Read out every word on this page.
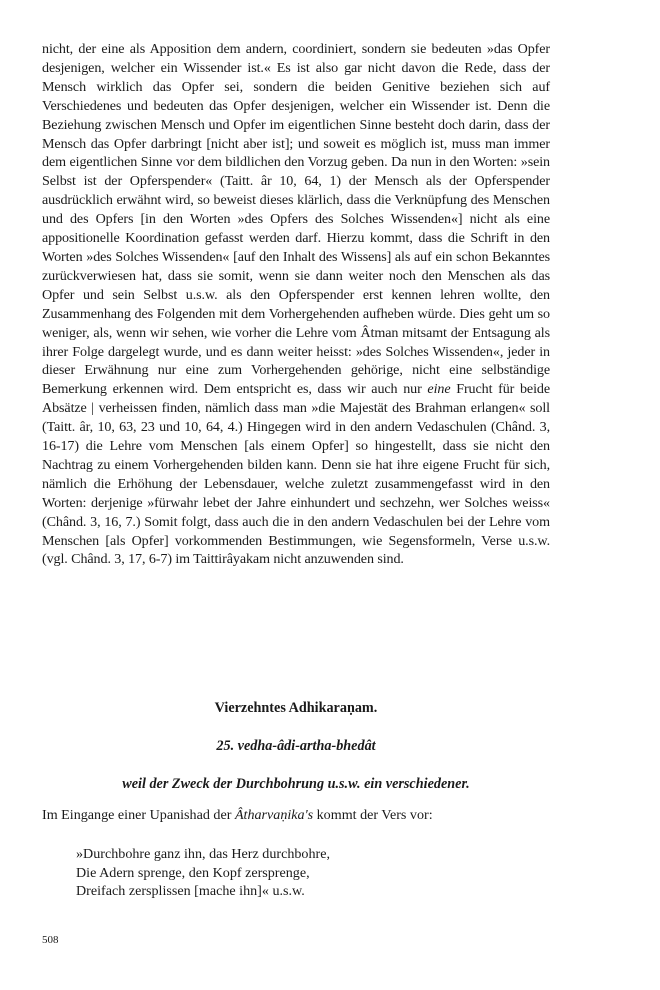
nicht, der eine als Apposition dem andern, coordiniert, sondern sie bedeuten »das Opfer desjenigen, welcher ein Wissender ist.« Es ist also gar nicht davon die Rede, dass der Mensch wirklich das Opfer sei, sondern die beiden Genitive beziehen sich auf Verschiedenes und bedeuten das Opfer desjenigen, welcher ein Wissender ist. Denn die Beziehung zwischen Mensch und Opfer im eigentlichen Sinne besteht doch darin, dass der Mensch das Opfer darbringt [nicht aber ist]; und soweit es möglich ist, muss man immer dem eigentlichen Sinne vor dem bildlichen den Vorzug geben. Da nun in den Worten: »sein Selbst ist der Opferspender« (Taitt. âr 10, 64, 1) der Mensch als der Opferspender ausdrücklich erwähnt wird, so beweist dieses klärlich, dass die Verknüpfung des Menschen und des Opfers [in den Worten »des Opfers des Solches Wissenden«] nicht als eine appositionelle Koordination gefasst werden darf. Hierzu kommt, dass die Schrift in den Worten »des Solches Wissenden« [auf den Inhalt des Wissens] als auf ein schon Bekanntes zurückverwiesen hat, dass sie somit, wenn sie dann weiter noch den Menschen als das Opfer und sein Selbst u.s.w. als den Opferspender erst kennen lehren wollte, den Zusammenhang des Folgenden mit dem Vorhergehenden aufheben würde. Dies geht um so weniger, als, wenn wir sehen, wie vorher die Lehre vom Âtman mitsamt der Entsagung als ihrer Folge dargelegt wurde, und es dann weiter heisst: »des Solches Wissenden«, jeder in dieser Erwähnung nur eine zum Vorhergehenden gehörige, nicht eine selbständige Bemerkung erkennen wird. Dem entspricht es, dass wir auch nur eine Frucht für beide Absätze | verheissen finden, nämlich dass man »die Majestät des Brahman erlangen« soll (Taitt. âr, 10, 63, 23 und 10, 64, 4.) Hingegen wird in den andern Vedaschulen (Chând. 3, 16-17) die Lehre vom Menschen [als einem Opfer] so hingestellt, dass sie nicht den Nachtrag zu einem Vorhergehenden bilden kann. Denn sie hat ihre eigene Frucht für sich, nämlich die Erhöhung der Lebensdauer, welche zuletzt zusammengefasst wird in den Worten: derjenige »fürwahr lebet der Jahre einhundert und sechzehn, wer Solches weiss« (Chând. 3, 16, 7.) Somit folgt, dass auch die in den andern Vedaschulen bei der Lehre vom Menschen [als Opfer] vorkommenden Bestimmungen, wie Segensformeln, Verse u.s.w. (vgl. Chând. 3, 17, 6-7) im Taittirâyakam nicht anzuwenden sind.

Vierzehntes Adhikaraṇam.

25. vedha-âdi-artha-bhedât

weil der Zweck der Durchbohrung u.s.w. ein verschiedener.

Im Eingange einer Upanishad der Âtharvaṇika's kommt der Vers vor:

»Durchbohre ganz ihn, das Herz durchbohre,
Die Adern sprenge, den Kopf zersprenge,
Dreifach zersplissen [mache ihn]« u.s.w.

508
